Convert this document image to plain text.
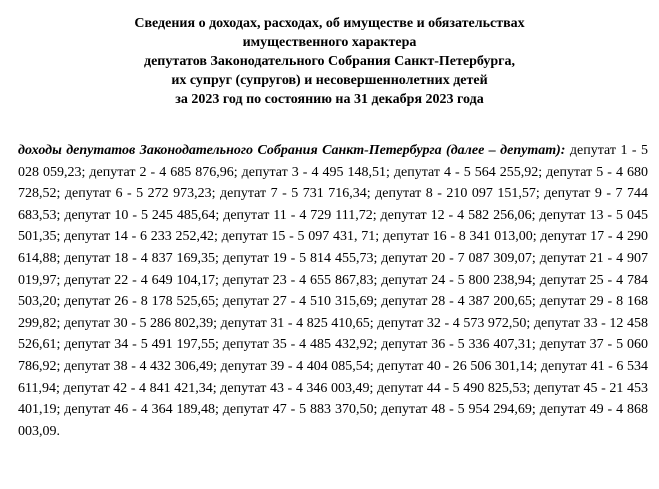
Сведения о доходах, расходах, об имуществе и обязательствах
имущественного характера
депутатов Законодательного Собрания Санкт-Петербурга,
их супруг (супругов) и несовершеннолетних детей
за 2023 год по состоянию на 31 декабря 2023 года
доходы депутатов Законодательного Собрания Санкт-Петербурга (далее – депутат): депутат 1 - 5 028 059,23; депутат 2 - 4 685 876,96; депутат 3 - 4 495 148,51; депутат 4 - 5 564 255,92; депутат 5 - 4 680 728,52; депутат 6 - 5 272 973,23; депутат 7 - 5 731 716,34; депутат 8 - 210 097 151,57; депутат 9 - 7 744 683,53; депутат 10 - 5 245 485,64; депутат 11 - 4 729 111,72; депутат 12 - 4 582 256,06; депутат 13 - 5 045 501,35; депутат 14 - 6 233 252,42; депутат 15 - 5 097 431, 71; депутат 16 - 8 341 013,00; депутат 17 - 4 290 614,88; депутат 18 - 4 837 169,35; депутат 19 - 5 814 455,73; депутат 20 - 7 087 309,07; депутат 21 - 4 907 019,97; депутат 22 - 4 649 104,17; депутат 23 - 4 655 867,83; депутат 24 - 5 800 238,94; депутат 25 - 4 784 503,20; депутат 26 - 8 178 525,65; депутат 27 - 4 510 315,69; депутат 28 - 4 387 200,65; депутат 29 - 8 168 299,82; депутат 30 - 5 286 802,39; депутат 31 - 4 825 410,65; депутат 32 - 4 573 972,50; депутат 33 - 12 458 526,61; депутат 34 - 5 491 197,55; депутат 35 - 4 485 432,92; депутат 36 - 5 336 407,31; депутат 37 - 5 060 786,92; депутат 38 - 4 432 306,49; депутат 39 - 4 404 085,54; депутат 40 - 26 506 301,14; депутат 41 - 6 534 611,94; депутат 42 - 4 841 421,34; депутат 43 - 4 346 003,49; депутат 44 - 5 490 825,53; депутат 45 - 21 453 401,19; депутат 46 - 4 364 189,48; депутат 47 - 5 883 370,50; депутат 48 - 5 954 294,69; депутат 49 - 4 868 003,09.
